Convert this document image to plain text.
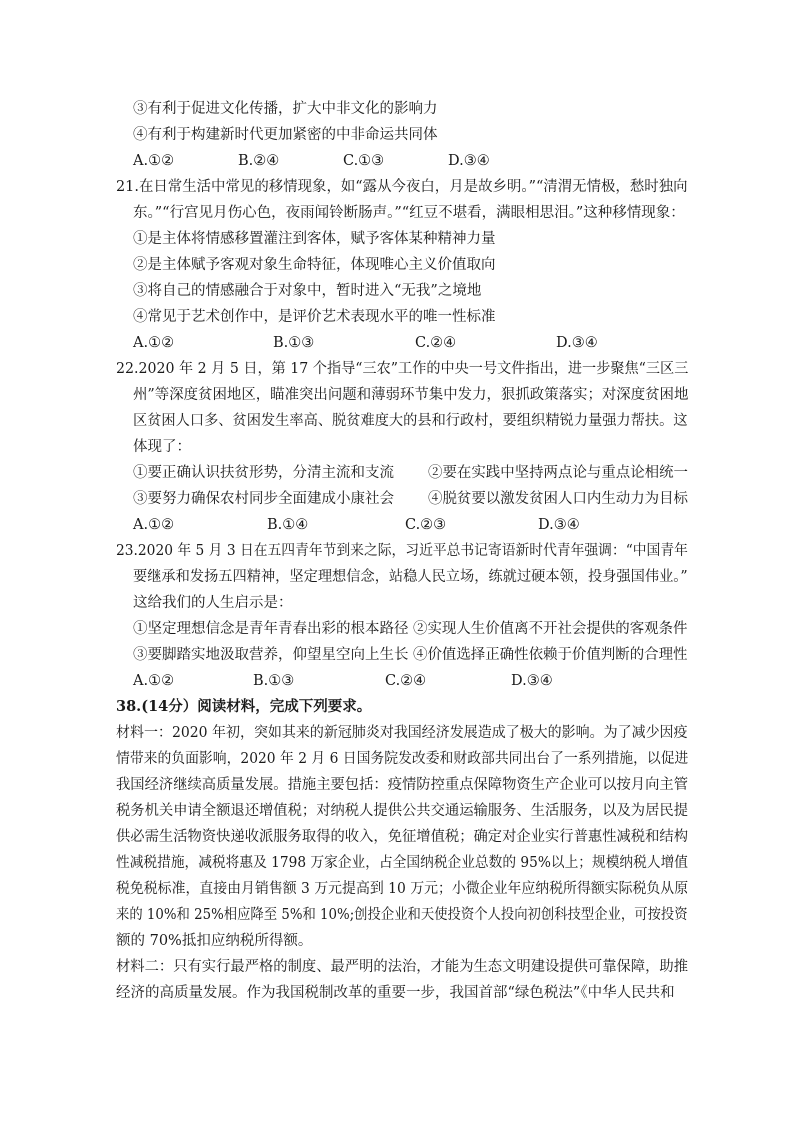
③有利于促进文化传播，扩大中非文化的影响力
④有利于构建新时代更加紧密的中非命运共同体
A.①②	B.②④	C.①③	D.③④
21.在日常生活中常见的移情现象，如“露从今夜白，月是故乡明。”“清渭无情极，愁时独向
东。”“行宫见月伤心色，夜雨闻铃断肠声。”“红豆不堪看，满眼相思泪。”这种移情现象：
①是主体将情感移置灌注到客体，赋予客体某种精神力量
②是主体赋予客观对象生命特征，体现唯心主义价值取向
③将自己的情感融合于对象中，暂时进入“无我”之境地
④常见于艺术创作中，是评价艺术表现水平的唯一性标准
A.①②	B.①③	C.②④	D.③④
22.2020 年 2 月 5 日，第 17 个指导“三农”工作的中央一号文件指出，进一步聚焦“三区三
州”等深度贫困地区，瞄准突出问题和薄弱环节集中发力，狠抓政策落实；对深度贫困地
区贫困人口多、贫困发生率高、脱贫难度大的县和行政村，要组织精锐力量强力帮扶。这
体现了：
①要正确认识扶贫形势，分清主流和支流 ②要在实践中坚持两点论与重点论相统一
③要努力确保农村同步全面建成小康社会 ④脱贫要以激发贫困人口内生动力为目标
A.①②	B.①④	C.②③	D.③④
23.2020 年 5 月 3 日在五四青年节到来之际，习近平总书记寄语新时代青年强调：“中国青年
要继承和发扬五四精神，坚定理想信念，站稳人民立场，练就过硬本领，投身强国伟业。”
这给我们的人生启示是：
①坚定理想信念是青年青春出彩的根本路径 ②实现人生价值离不开社会提供的客观条件
③要脚踏实地汲取营养，仰望星空向上生长 ④价值选择正确性依赖于价值判断的合理性
A.①②	B.①③	C.②④	D.③④
38.(14分）阅读材料，完成下列要求。
材料一：2020 年初，突如其来的新冠肺炎对我国经济发展造成了极大的影响。为了减少因疫
情带来的负面影响，2020 年 2 月 6 日国务院发改委和财政部共同出台了一系列措施，以促进
我国经济继续高质量发展。措施主要包括：疫情防控重点保障物资生产企业可以按月向主管
税务机关申请全额退还增值税；对纳税人提供公共交通运输服务、生活服务，以及为居民提
供必需生活物资快递收派服务取得的收入，免征增值税；确定对企业实行普惠性减税和结构
性减税措施，减税将惠及 1798 万家企业，占全国纳税企业总数的 95%以上；规模纳税人增值
税免税标准，直接由月销售额 3 万元提高到 10 万元；小微企业年应纳税所得额实际税负从原
来的 10%和 25%相应降至 5%和 10%;创投企业和天使投资个人投向初创科技型企业，可按投资
额的 70%抵扣应纳税所得额。
材料二：只有实行最严格的制度、最严明的法治，才能为生态文明建设提供可靠保障，助推
经济的高质量发展。作为我国税制改革的重要一步，我国首部“绿色税法”《中华人民共和
